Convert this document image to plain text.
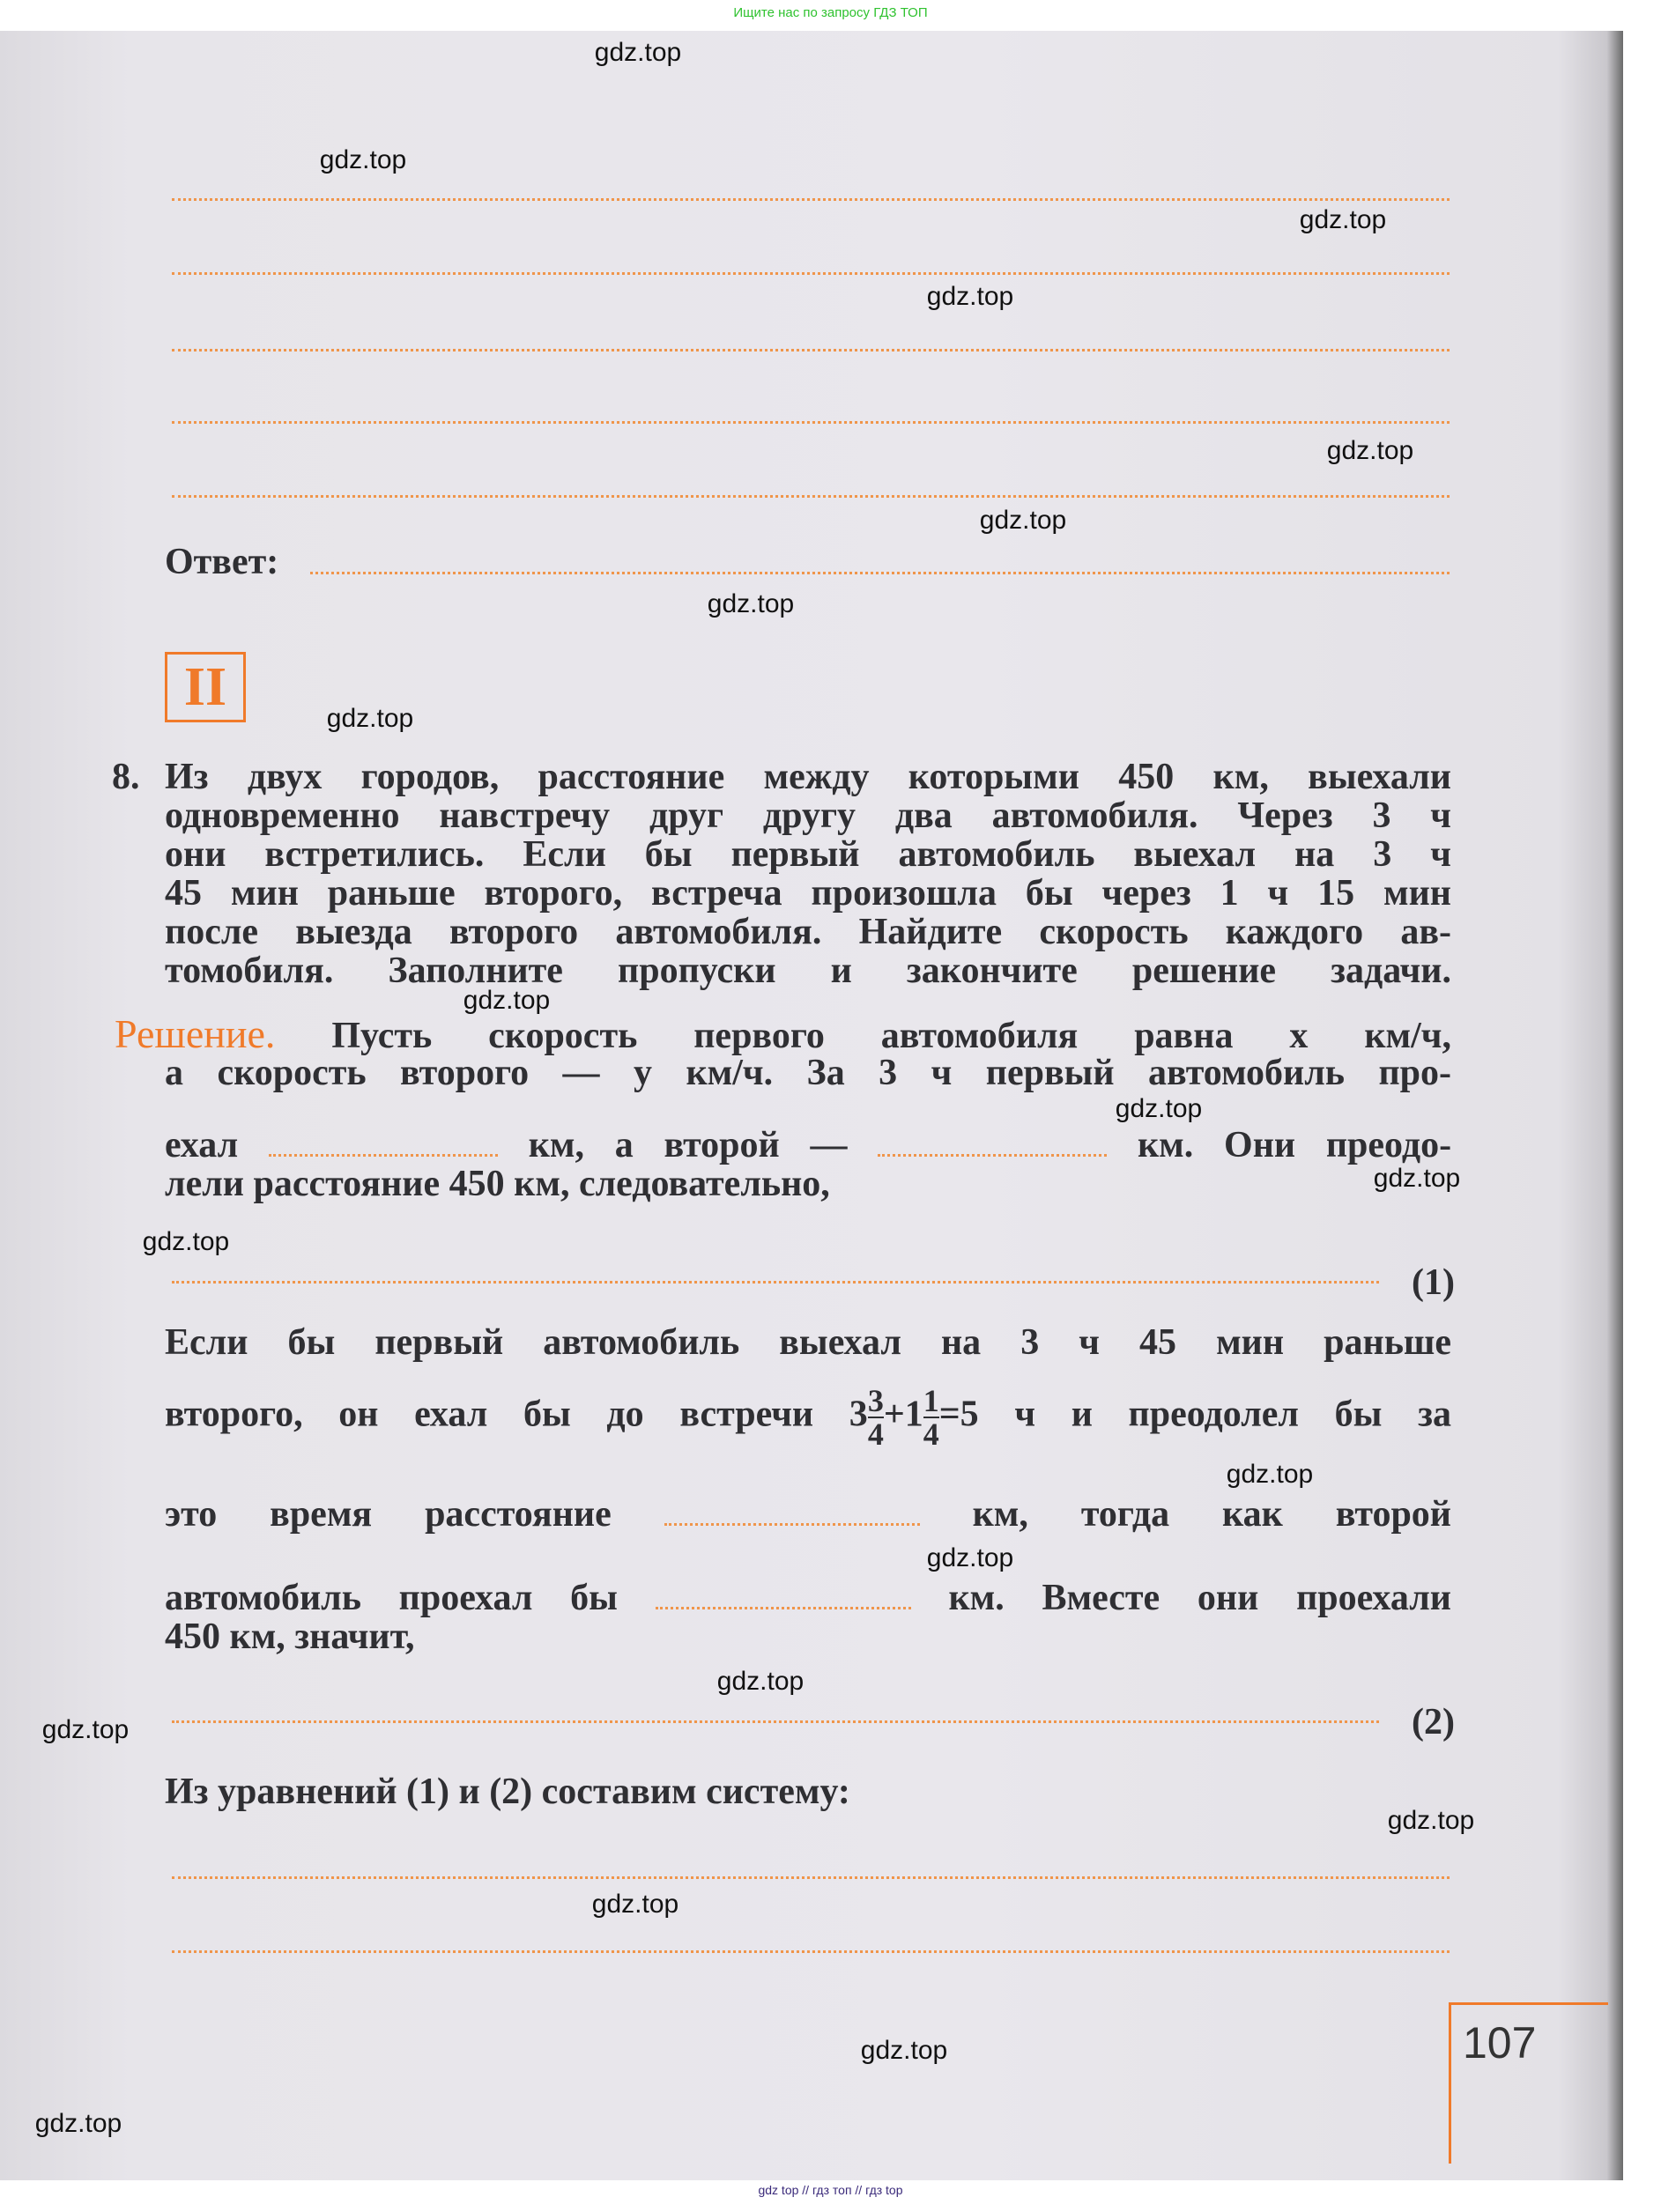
Ищите нас по запросу ГДЗ ТОП
Ответ:
II
8. Из двух городов, расстояние между которыми 450 км, выехали
одновременно навстречу друг другу два автомобиля. Через 3 ч
они встретились. Если бы первый автомобиль выехал на 3 ч
45 мин раньше второго, встреча произошла бы через 1 ч 15 мин
после выезда второго автомобиля. Найдите скорость каждого ав-
томобиля. Заполните пропуски и закончите решение задачи.
Решение. Пусть скорость первого автомобиля равна x км/ч,
а скорость второго — y км/ч. За 3 ч первый автомобиль про-
ехал	км, а второй —	км. Они преодо-
лели расстояние 450 км, следовательно,
(1)
Если бы первый автомобиль выехал на 3 ч 45 мин раньше
второго, он ехал бы до встречи $3 \frac{3}{4} +1 \frac{1}{4} =5$ ч и преодолел бы за
это время расстояние	км, тогда как второй
автомобиль проехал бы	км. Вместе они проехали
450 км, значит,
(2)
Из уравнений (1) и (2) составим систему:
107
gdz.top
gdz.top
gdz.top
gdz.top
gdz.top
gdz.top
gdz.top
gdz.top
gdz.top
gdz.top
gdz.top
gdz.top
gdz.top
gdz.top
gdz.top
gdz.top
gdz.top
gdz.top
gdz.top
gdz.top
gdz top // гдз топ // гдз top
